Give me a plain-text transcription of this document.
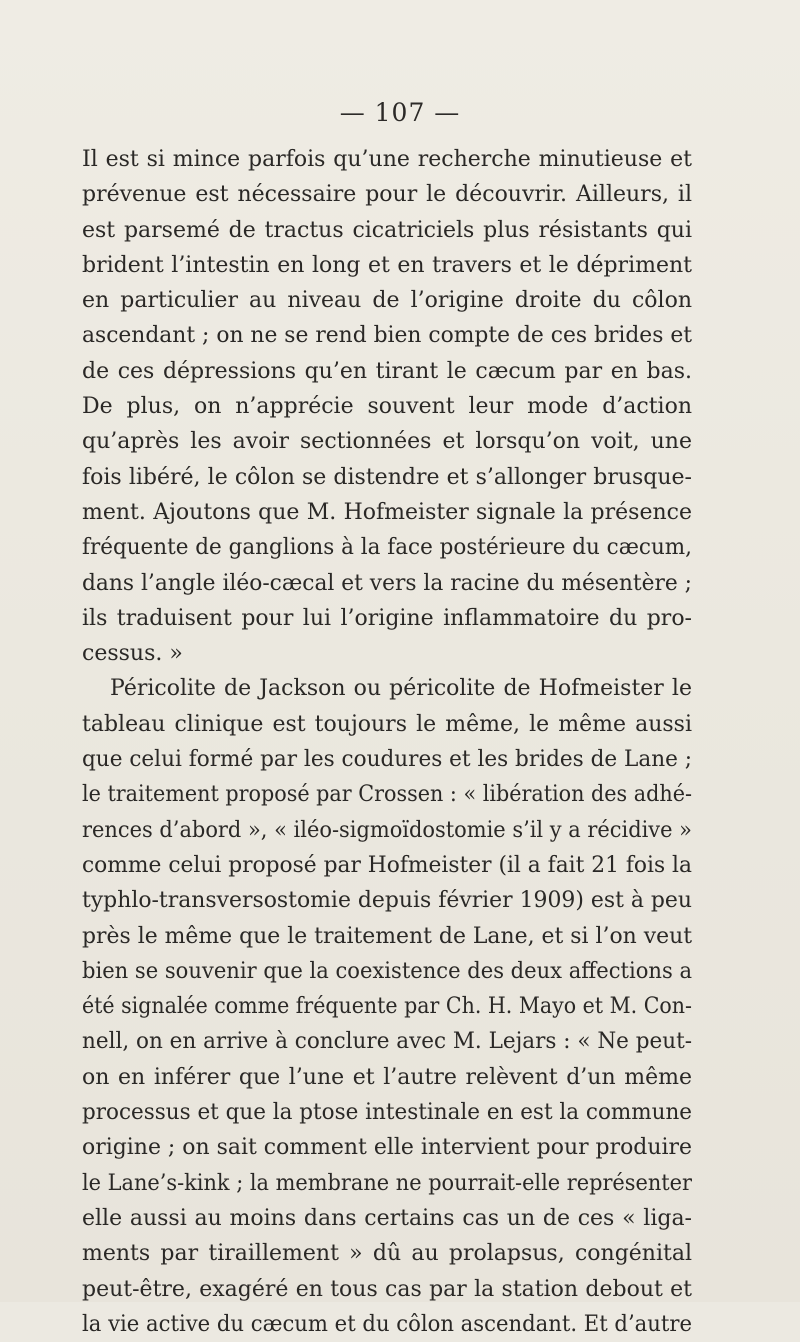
— 107 —
Il est si mince parfois qu’une recherche minutieuse et
prévenue est nécessaire pour le découvrir. Ailleurs, il
est parsemé de tractus cicatriciels plus résistants qui
brident l’intestin en long et en travers et le dépriment
en particulier au niveau de l’origine droite du côlon
ascendant ; on ne se rend bien compte de ces brides et
de ces dépressions qu’en tirant le cæcum par en bas.
De plus, on n’apprécie souvent leur mode d’action
qu’après les avoir sectionnées et lorsqu’on voit, une
fois libéré, le côlon se distendre et s’allonger brusque-
ment. Ajoutons que M. Hofmeister signale la présence
fréquente de ganglions à la face postérieure du cæcum,
dans l’angle iléo-cæcal et vers la racine du mésentère ;
ils traduisent pour lui l’origine inflammatoire du pro-
cessus. »
Péricolite de Jackson ou péricolite de Hofmeister le
tableau clinique est toujours le même, le même aussi
que celui formé par les coudures et les brides de Lane ;
le traitement proposé par Crossen : « libération des adhé-
rences d’abord », « iléo-sigmoïdostomie s’il y a récidive »
comme celui proposé par Hofmeister (il a fait 21 fois la
typhlo-transversostomie depuis février 1909) est à peu
près le même que le traitement de Lane, et si l’on veut
bien se souvenir que la coexistence des deux affections a
été signalée comme fréquente par Ch. H. Mayo et M. Con-
nell, on en arrive à conclure avec M. Lejars : « Ne peut-
on en inférer que l’une et l’autre relèvent d’un même
processus et que la ptose intestinale en est la commune
origine ; on sait comment elle intervient pour produire
le Lane’s-kink ; la membrane ne pourrait-elle représenter
elle aussi au moins dans certains cas un de ces « liga-
ments par tiraillement » dû au prolapsus, congénital
peut-être, exagéré en tous cas par la station debout et
la vie active du cæcum et du côlon ascendant. Et d’autre
